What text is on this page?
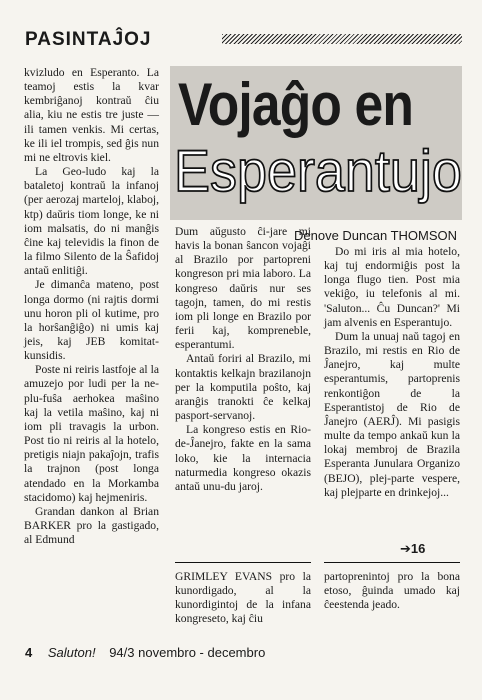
PASINTAĴOJ

kvizludo en Esperanto. La teamoj estis la kvar kembriĝanoj kontraŭ ĉiu alia, kiu ne estis tre juste — ili tamen venkis. Mi certas, ke ili iel trompis, sed ĝis nun mi ne eltrovis kiel.

La Geo-ludo kaj la bataletoj kontraŭ la infanoj (per aerozaj marteloj, klaboj, ktp) daŭris tiom longe, ke ni iom malsatis, do ni manĝis ĉine kaj televidis la finon de la filmo Silento de la Ŝafidoj antaŭ enlitiĝi.

Je dimanĉa mateno, post longa dormo (ni rajtis dormi unu horon pli ol kutime, pro la horŝanĝiĝo) ni umis kaj jeis, kaj JEB komitat-kunsidis.

Poste ni reiris lastfoje al la amuzejo por ludi per la ne-plu-fuŝa aerhokea maŝino kaj la vetila maŝino, kaj ni iom pli travagis la urbon. Post tio ni reiris al la hotelo, pretigis niajn pakaĵojn, trafis la trajnon (post longa atendado en la Morkamba stacidomo) kaj hejmeniris.

Grandan dankon al Brian BARKER pro la gastigado, al Edmund

Vojaĝo en
Esperantujo
Denove Duncan THOMSON

Dum aŭgusto ĉi-jare mi havis la bonan ŝancon vojaĝi al Brazilo por partopreni kongreson pri mia laboro. La kongreso daŭris nur ses tagojn, tamen, do mi restis iom pli longe en Brazilo por ferii kaj, kompreneble, esperantumi.

Antaŭ foriri al Brazilo, mi kontaktis kelkajn brazilanojn per la komputila poŝto, kaj aranĝis tranokti ĉe kelkaj pasport-servanoj.

La kongreso estis en Rio-de-Ĵanejro, fakte en la sama loko, kie la internacia naturmedia kongreso okazis antaŭ unu-du jaroj.

Do mi iris al mia hotelo, kaj tuj endormiĝis post la longa flugo tien. Post mia vekiĝo, iu telefonis al mi. 'Saluton... Ĉu Duncan?' Mi jam alvenis en Esperantujo.

Dum la unuaj naŭ tagoj en Brazilo, mi restis en Rio de Ĵanejro, kaj multe esperantumis, partoprenis renkontiĝon de la Esperantistoj de Rio de Ĵanejro (AERĴ). Mi pasigis multe da tempo ankaŭ kun la lokaj membroj de Brazila Esperanta Junulara Organizo (BEJO), plej-parte vespere, kaj plejparte en drinkejoj...

➔16

GRIMLEY EVANS pro la kunordigado, al la kunordigintoj de la infana kongreseto, kaj ĉiu

partoprenintoj pro la bona etoso, ĝuinda umado kaj ĉeestenda jeado.

4 Saluton! 94/3 novembro - decembro
